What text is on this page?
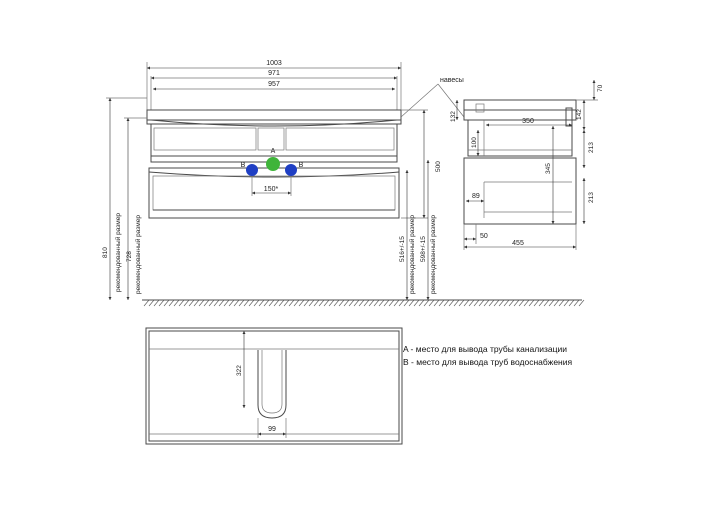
1003
971
957
A
B	B
150*
810 рекомендованный размер 728 рекомендованный размер
500
516+/-15 рекомендованный размер 598+/-15 рекомендованный размер
навесы
132	350
100
345
70
142
213
213
89
50
455
322
99
A - место для вывода трубы канализации
B - место для вывода труб водоснабжения
